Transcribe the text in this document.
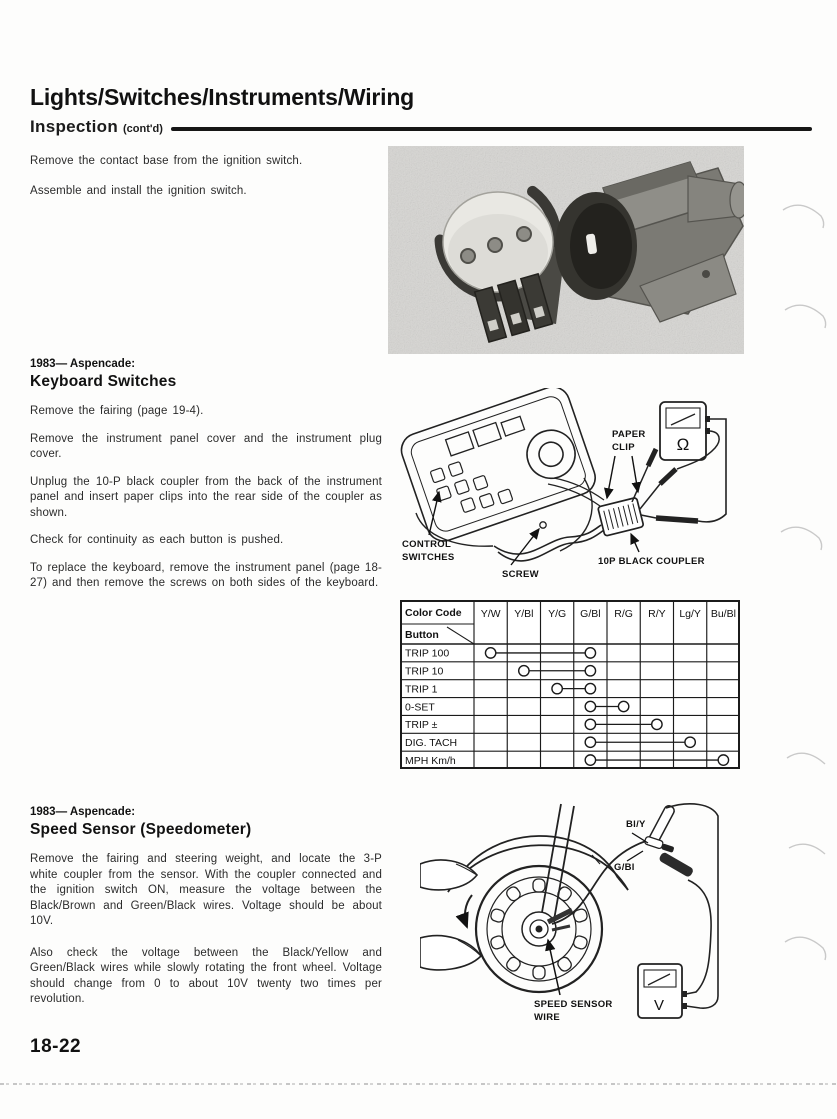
Lights/Switches/Instruments/Wiring
Inspection (cont'd)

Remove the contact base from the ignition switch.

Assemble and install the ignition switch.

1983— Aspencade:

Keyboard Switches

Remove the fairing (page 19-4).

Remove the instrument panel cover and the instrument plug cover.

Unplug the 10-P black coupler from the back of the instrument panel and insert paper clips into the rear side of the coupler as shown.

Check for continuity as each button is pushed.

To replace the keyboard, remove the instrument panel (page 18-27) and then remove the screws on both sides of the keyboard.

Ω
PAPER CLIP
CONTROL SWITCHES
SCREW
10P BLACK COUPLER
Color Code
Button
Y/W Y/Bl Y/G G/Bl R/G R/Y Lg/Y Bu/Bl
TRIP 100
TRIP 10
TRIP 1
0-SET
TRIP ±
DIG. TACH
MPH Km/h

1983— Aspencade:

Speed Sensor (Speedometer)

Remove the fairing and steering weight, and locate the 3-P white coupler from the sensor. With the coupler connected and the ignition switch ON, measure the voltage between the Black/Brown and Green/Black wires. Voltage should be about 10V.

Also check the voltage between the Black/Yellow and Green/Black wires while slowly rotating the front wheel. Voltage should change from 0 to about 10V twenty two times per revolution.	V
Bl/Y
G/Bl
SPEED SENSOR WIRE
18-22
